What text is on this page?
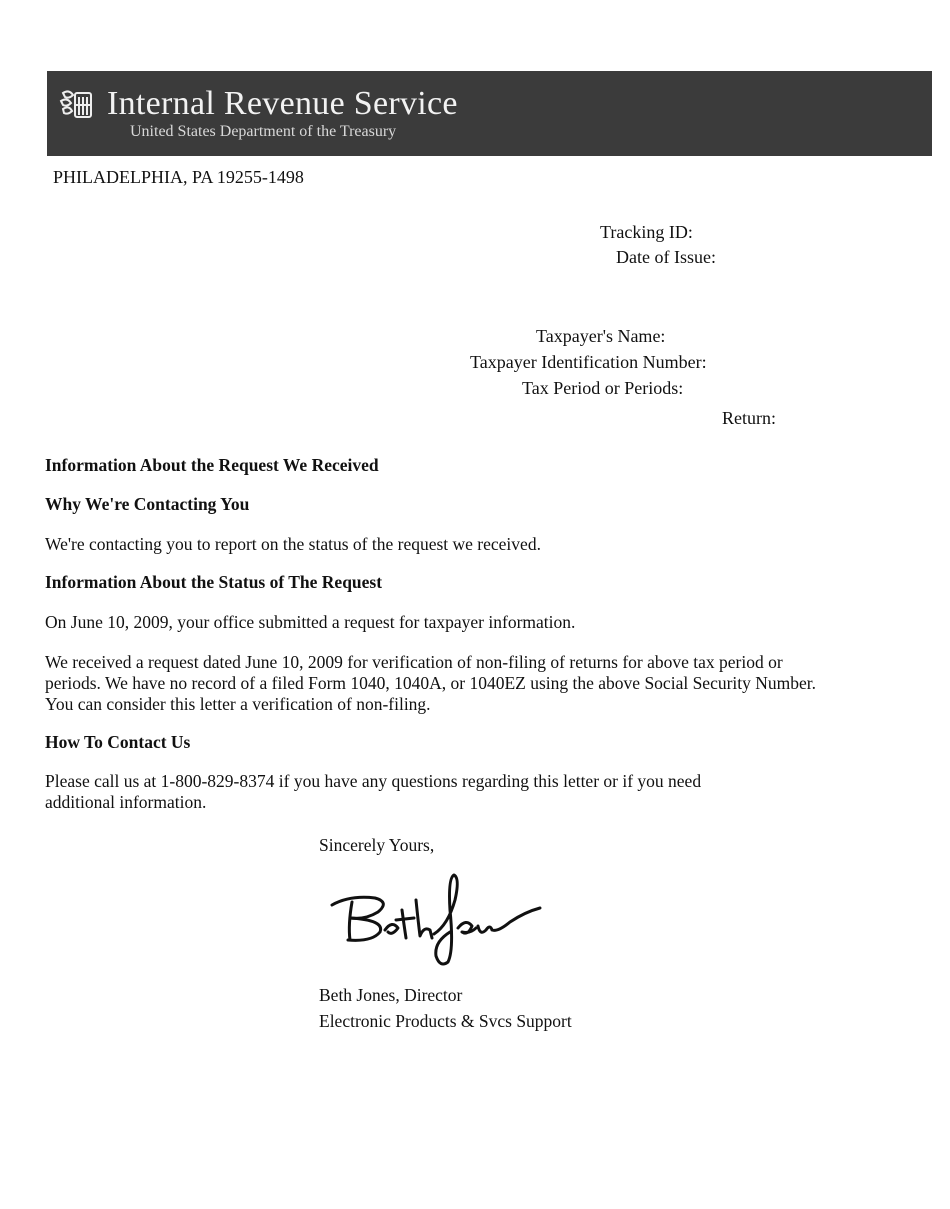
Internal Revenue Service
United States Department of the Treasury
PHILADELPHIA, PA 19255-1498
Tracking ID:
Date of Issue:
Taxpayer's Name:
Taxpayer Identification Number:
Tax Period or Periods:
Return:
Information About the Request We Received
Why We're Contacting You
We're contacting you to report on the status of the request we received.
Information About the Status of The Request
On June 10, 2009, your office submitted a request for taxpayer information.
We received a request dated June 10, 2009 for verification of non-filing of returns for above tax period or periods. We have no record of a filed Form 1040, 1040A, or 1040EZ using the above Social Security Number. You can consider this letter a verification of non-filing.
How To Contact Us
Please call us at 1-800-829-8374 if you have any questions regarding this letter or if you need additional information.
Sincerely Yours,
Beth Jones, Director
Electronic Products & Svcs Support
